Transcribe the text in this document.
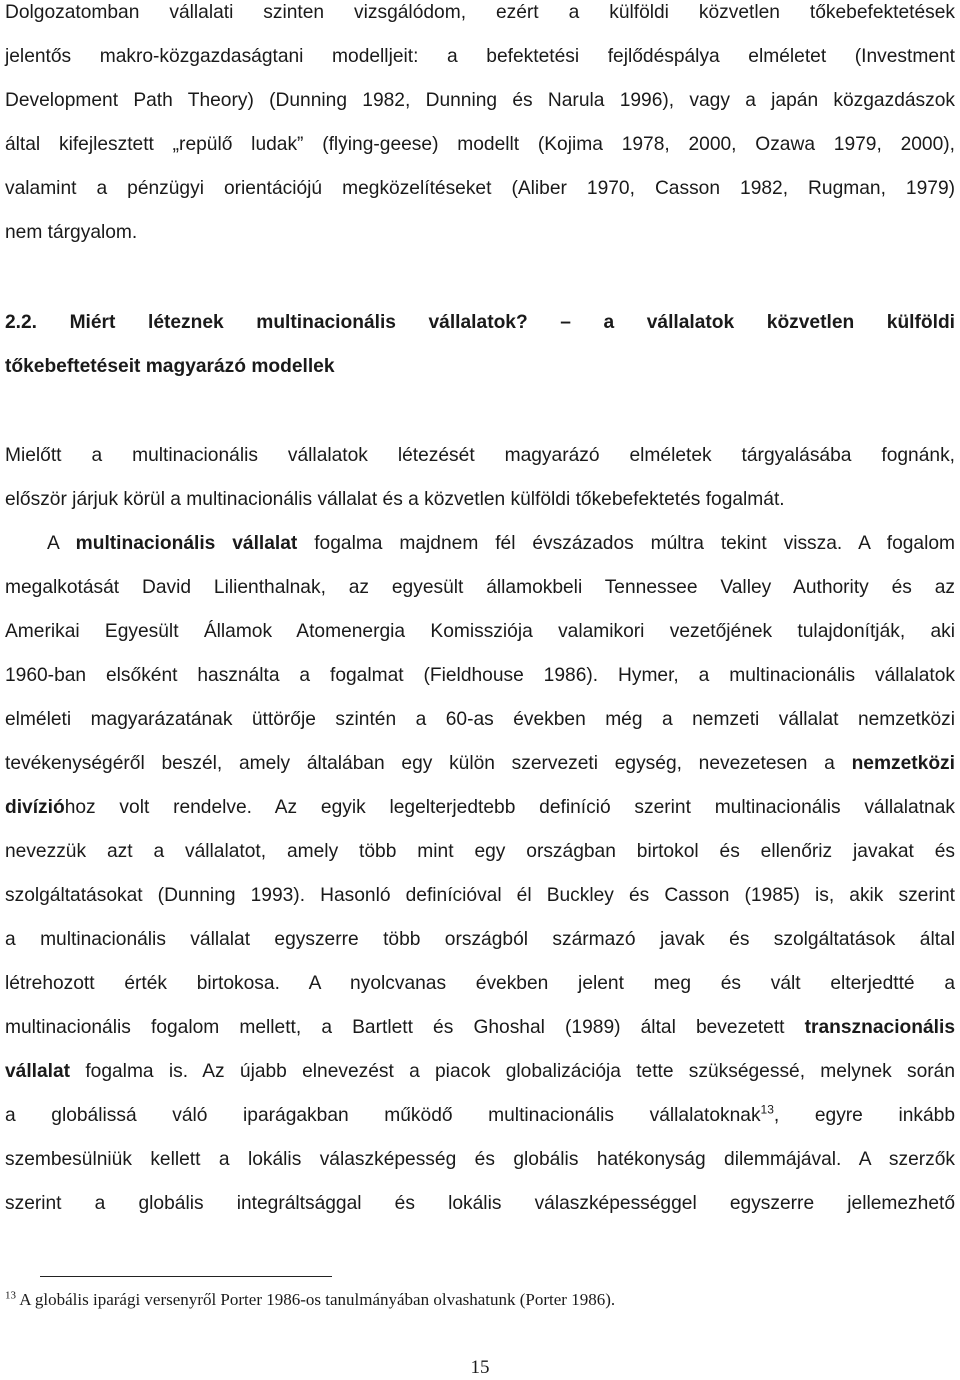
Dolgozatomban vállalati szinten vizsgálódom, ezért a külföldi közvetlen tőkebefektetések
jelentős makro-közgazdaságtani modelljeit: a befektetési fejlődéspálya elméletet (Investment
Development Path Theory) (Dunning 1982, Dunning és Narula 1996), vagy a japán közgazdászok
által kifejlesztett „repülő ludak” (flying-geese) modellt (Kojima 1978, 2000, Ozawa 1979, 2000),
valamint a pénzügyi orientációjú megközelítéseket (Aliber 1970, Casson 1982, Rugman, 1979)
nem tárgyalom.
2.2. Miért léteznek multinacionális vállalatok? – a vállalatok közvetlen külföldi
tőkebeftetéseit magyarázó modellek
Mielőtt a multinacionális vállalatok létezését magyarázó elméletek tárgyalásába fognánk,
először járjuk körül a multinacionális vállalat és a közvetlen külföldi tőkebefektetés fogalmát.
A multinacionális vállalat fogalma majdnem fél évszázados múltra tekint vissza. A fogalom
megalkotását David Lilienthalnak, az egyesült államokbeli Tennessee Valley Authority és az
Amerikai Egyesült Államok Atomenergia Komissziója valamikori vezetőjének tulajdonítják, aki
1960-ban elsőként használta a fogalmat (Fieldhouse 1986). Hymer, a multinacionális vállalatok
elméleti magyarázatának üttörője szintén a 60-as években még a nemzeti vállalat nemzetközi
tevékenységéről beszél, amely általában egy külön szervezeti egység, nevezetesen a nemzetközi
divízióhoz volt rendelve. Az egyik legelterjedtebb definíció szerint multinacionális vállalatnak
nevezzük azt a vállalatot, amely több mint egy országban birtokol és ellenőriz javakat és
szolgáltatásokat (Dunning 1993). Hasonló definícióval él Buckley és Casson (1985) is, akik szerint
a multinacionális vállalat egyszerre több országból származó javak és szolgáltatások által
létrehozott érték birtokosa. A nyolcvanas években jelent meg és vált elterjedtté a
multinacionális fogalom mellett, a Bartlett és Ghoshal (1989) által bevezetett transznacionális
vállalat fogalma is. Az újabb elnevezést a piacok globalizációja tette szükségessé, melynek során
a globálissá váló iparágakban működő multinacionális vállalatoknak$^{13}$, egyre inkább
szembesülniük kellett a lokális válaszképesség és globális hatékonyság dilemmájával. A szerzők
szerint a globális integráltsággal és lokális válaszképességgel egyszerre jellemezhető
$^{13}$ A globális iparági versenyről Porter 1986-os tanulmányában olvashatunk (Porter 1986).
15
